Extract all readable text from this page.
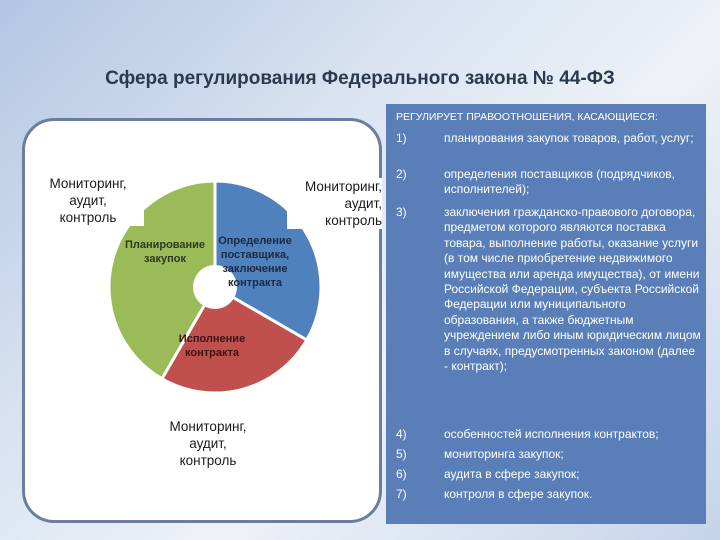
Сфера регулирования Федерального закона № 44-ФЗ
Планирование закупок
Определение поставщика, заключение контракта
Исполнение контракта
Мониторинг,
аудит,
контроль
Мониторинг,
аудит,
контроль
Мониторинг,
аудит,
контроль
РЕГУЛИРУЕТ ПРАВООТНОШЕНИЯ, КАСАЮЩИЕСЯ:
1)	планирования закупок товаров, работ, услуг;
2)	определения поставщиков (подрядчиков, исполнителей);
3)	заключения гражданско-правового договора, предметом которого являются поставка товара, выполнение работы, оказание услуги (в том числе приобретение недвижимого имущества или аренда имущества), от имени Российской Федерации, субъекта Российской Федерации или муниципального образования, а также бюджетным учреждением либо иным юридическим лицом в случаях, предусмотренных законом (далее - контракт);
4)	особенностей исполнения контрактов;
5)	мониторинга закупок;
6)	аудита в сфере закупок;
7)	контроля в сфере закупок.
